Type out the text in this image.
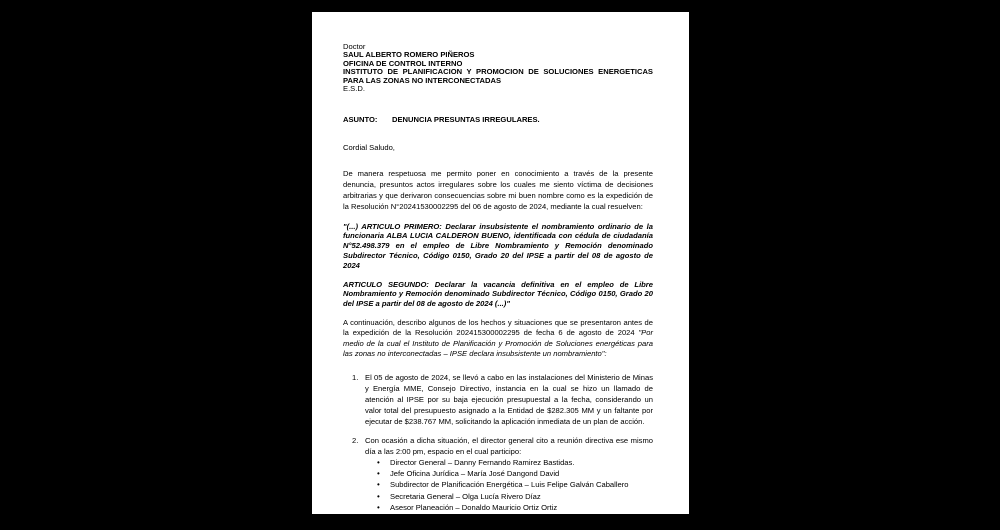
Doctor
SAUL ALBERTO ROMERO PIÑEROS
OFICINA DE CONTROL INTERNO
INSTITUTO DE PLANIFICACION Y PROMOCION DE SOLUCIONES ENERGETICAS
PARA LAS ZONAS NO INTERCONECTADAS
E.S.D.
ASUNTO: DENUNCIA PRESUNTAS IRREGULARES.
Cordial Saludo,
De manera respetuosa me permito poner en conocimiento a través de la presente denuncia, presuntos actos irregulares sobre los cuales me siento víctima de decisiones arbitrarias y que derivaron consecuencias sobre mi buen nombre como es la expedición de la Resolución N°20241530002295 del 06 de agosto de 2024, mediante la cual resuelven:
"(...) ARTICULO PRIMERO: Declarar insubsistente el nombramiento ordinario de la funcionaria ALBA LUCIA CALDERON BUENO, identificada con cédula de ciudadanía N°52.498.379 en el empleo de Libre Nombramiento y Remoción denominado Subdirector Técnico, Código 0150, Grado 20 del IPSE a partir del 08 de agosto de 2024
ARTICULO SEGUNDO: Declarar la vacancia definitiva en el empleo de Libre Nombramiento y Remoción denominado Subdirector Técnico, Código 0150, Grado 20 del IPSE a partir del 08 de agosto de 2024 (...)"
A continuación, describo algunos de los hechos y situaciones que se presentaron antes de la expedición de la Resolución 202415300002295 de fecha 6 de agosto de 2024 "Por medio de la cual el Instituto de Planificación y Promoción de Soluciones energéticas para las zonas no interconectadas – IPSE declara insubsistente un nombramiento":
1. El 05 de agosto de 2024, se llevó a cabo en las instalaciones del Ministerio de Minas y Energía MME, Consejo Directivo, instancia en la cual se hizo un llamado de atención al IPSE por su baja ejecución presupuestal a la fecha, considerando un valor total del presupuesto asignado a la Entidad de $282.305 MM y un faltante por ejecutar de $238.767 MM, solicitando la aplicación inmediata de un plan de acción.
2. Con ocasión a dicha situación, el director general cito a reunión directiva ese mismo día a las 2:00 pm, espacio en el cual participo:
•	Director General – Danny Fernando Ramirez Bastidas.
•	Jefe Oficina Jurídica – María José Dangond David
•	Subdirector de Planificación Energética – Luis Felipe Galván Caballero
•	Secretaria General – Olga Lucía Rivero Díaz
•	Asesor Planeación – Donaldo Mauricio Ortiz Ortiz
